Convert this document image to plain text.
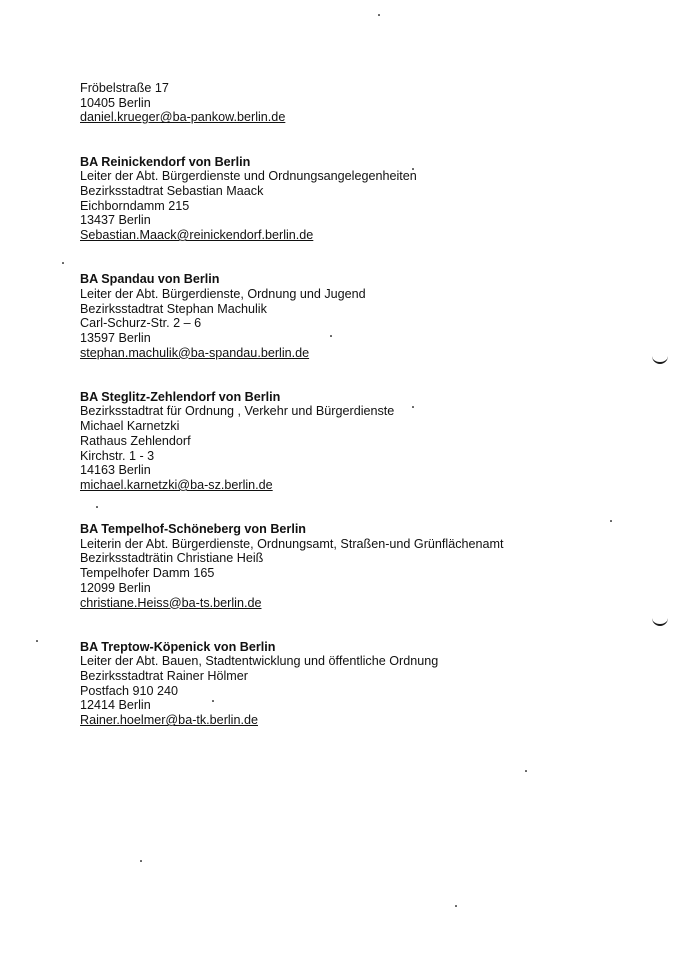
Fröbelstraße 17
10405 Berlin
daniel.krueger@ba-pankow.berlin.de
BA Reinickendorf von Berlin
Leiter der Abt. Bürgerdienste und Ordnungsangelegenheiten
Bezirksstadtrat Sebastian Maack
Eichborndamm 215
13437 Berlin
Sebastian.Maack@reinickendorf.berlin.de
BA Spandau von Berlin
Leiter der Abt. Bürgerdienste, Ordnung und Jugend
Bezirksstadtrat Stephan Machulik
Carl-Schurz-Str. 2 – 6
13597 Berlin
stephan.machulik@ba-spandau.berlin.de
BA Steglitz-Zehlendorf von Berlin
Bezirksstadtrat für Ordnung , Verkehr und Bürgerdienste
Michael Karnetzki
Rathaus Zehlendorf
Kirchstr. 1 - 3
14163 Berlin
michael.karnetzki@ba-sz.berlin.de
BA Tempelhof-Schöneberg von Berlin
Leiterin der Abt. Bürgerdienste, Ordnungsamt, Straßen-und Grünflächenamt
Bezirksstadträtin Christiane Heiß
Tempelhofer Damm 165
12099 Berlin
christiane.Heiss@ba-ts.berlin.de
BA Treptow-Köpenick von Berlin
Leiter der Abt. Bauen, Stadtentwicklung und öffentliche Ordnung
Bezirksstadtrat Rainer Hölmer
Postfach 910 240
12414 Berlin
Rainer.hoelmer@ba-tk.berlin.de
